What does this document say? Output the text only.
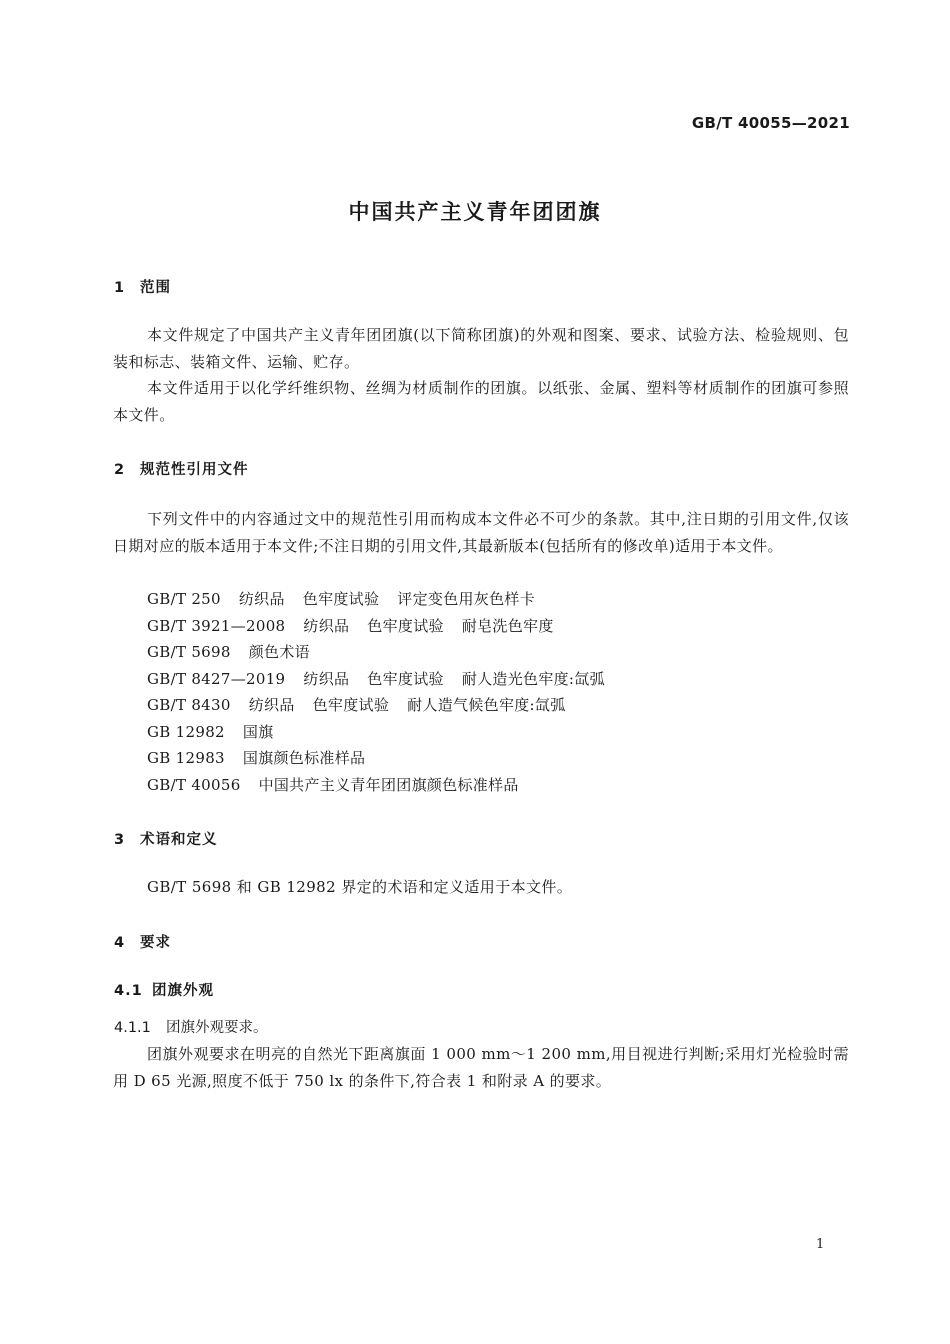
GB/T 40055—2021
中国共产主义青年团团旗
1 范围
本文件规定了中国共产主义青年团团旗(以下简称团旗)的外观和图案、要求、试验方法、检验规则、包装和标志、装箱文件、运输、贮存。
本文件适用于以化学纤维织物、丝绸为材质制作的团旗。以纸张、金属、塑料等材质制作的团旗可参照本文件。
2 规范性引用文件
下列文件中的内容通过文中的规范性引用而构成本文件必不可少的条款。其中,注日期的引用文件,仅该日期对应的版本适用于本文件;不注日期的引用文件,其最新版本(包括所有的修改单)适用于本文件。
GB/T 250 纺织品 色牢度试验 评定变色用灰色样卡
GB/T 3921—2008 纺织品 色牢度试验 耐皂洗色牢度
GB/T 5698 颜色术语
GB/T 8427—2019 纺织品 色牢度试验 耐人造光色牢度:氙弧
GB/T 8430 纺织品 色牢度试验 耐人造气候色牢度:氙弧
GB 12982 国旗
GB 12983 国旗颜色标准样品
GB/T 40056 中国共产主义青年团团旗颜色标准样品
3 术语和定义
GB/T 5698 和 GB 12982 界定的术语和定义适用于本文件。
4 要求
4.1 团旗外观
4.1.1 团旗外观要求。
团旗外观要求在明亮的自然光下距离旗面 1 000 mm～1 200 mm,用目视进行判断;采用灯光检验时需用 D 65 光源,照度不低于 750 lx 的条件下,符合表 1 和附录 A 的要求。
1
